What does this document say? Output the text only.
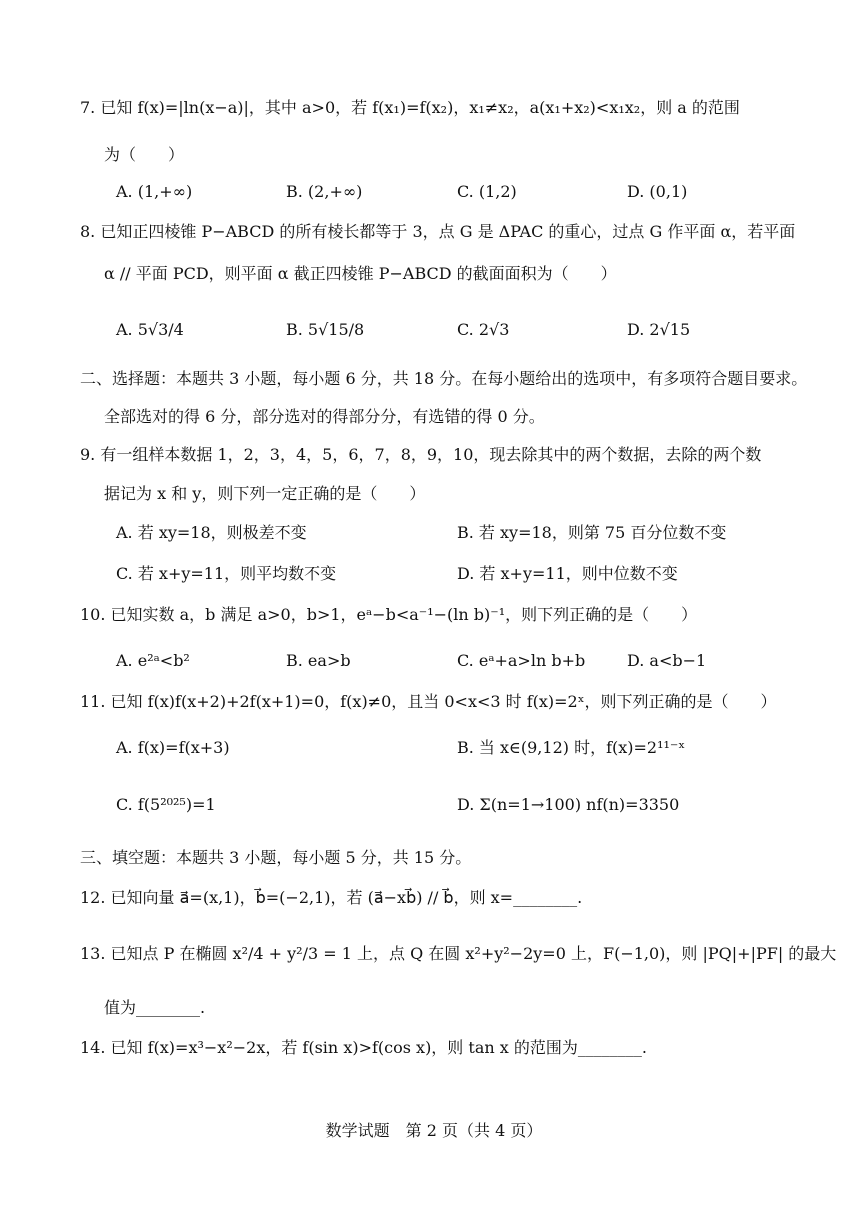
7. 已知 f(x)=|ln(x−a)|，其中 a>0，若 f(x₁)=f(x₂)，x₁≠x₂，a(x₁+x₂)<x₁x₂，则 a 的范围
为（　　）
A. (1,+∞)	B. (2,+∞)	C. (1,2)	D. (0,1)
8. 已知正四棱锥 P−ABCD 的所有棱长都等于 3，点 G 是 ΔPAC 的重心，过点 G 作平面 α，若平面
α // 平面 PCD，则平面 α 截正四棱锥 P−ABCD 的截面面积为（　　）
A. 5√3/4	B. 5√15/8	C. 2√3	D. 2√15
二、选择题：本题共 3 小题，每小题 6 分，共 18 分。在每小题给出的选项中，有多项符合题目要求。
全部选对的得 6 分，部分选对的得部分分，有选错的得 0 分。
9. 有一组样本数据 1，2，3，4，5，6，7，8，9，10，现去除其中的两个数据，去除的两个数
据记为 x 和 y，则下列一定正确的是（　　）
A. 若 xy=18，则极差不变	B. 若 xy=18，则第 75 百分位数不变
C. 若 x+y=11，则平均数不变	D. 若 x+y=11，则中位数不变
10. 已知实数 a，b 满足 a>0，b>1，eᵃ−b<a⁻¹−(ln b)⁻¹，则下列正确的是（　　）
A. e²ᵃ<b²	B. ea>b	C. eᵃ+a>ln b+b	D. a<b−1
11. 已知 f(x)f(x+2)+2f(x+1)=0，f(x)≠0，且当 0<x<3 时 f(x)=2ˣ，则下列正确的是（　　）
A. f(x)=f(x+3)	B. 当 x∈(9,12) 时，f(x)=2¹¹⁻ˣ
C. f(5²⁰²⁵)=1	D. Σ(n=1→100) nf(n)=3350
三、填空题：本题共 3 小题，每小题 5 分，共 15 分。
12. 已知向量 a⃗=(x,1)，b⃗=(−2,1)，若 (a⃗−xb⃗) // b⃗，则 x=________.
13. 已知点 P 在椭圆 x²/4 + y²/3 = 1 上，点 Q 在圆 x²+y²−2y=0 上，F(−1,0)，则 |PQ|+|PF| 的最大
值为________.
14. 已知 f(x)=x³−x²−2x，若 f(sin x)>f(cos x)，则 tan x 的范围为________.
数学试题　第 2 页（共 4 页）
